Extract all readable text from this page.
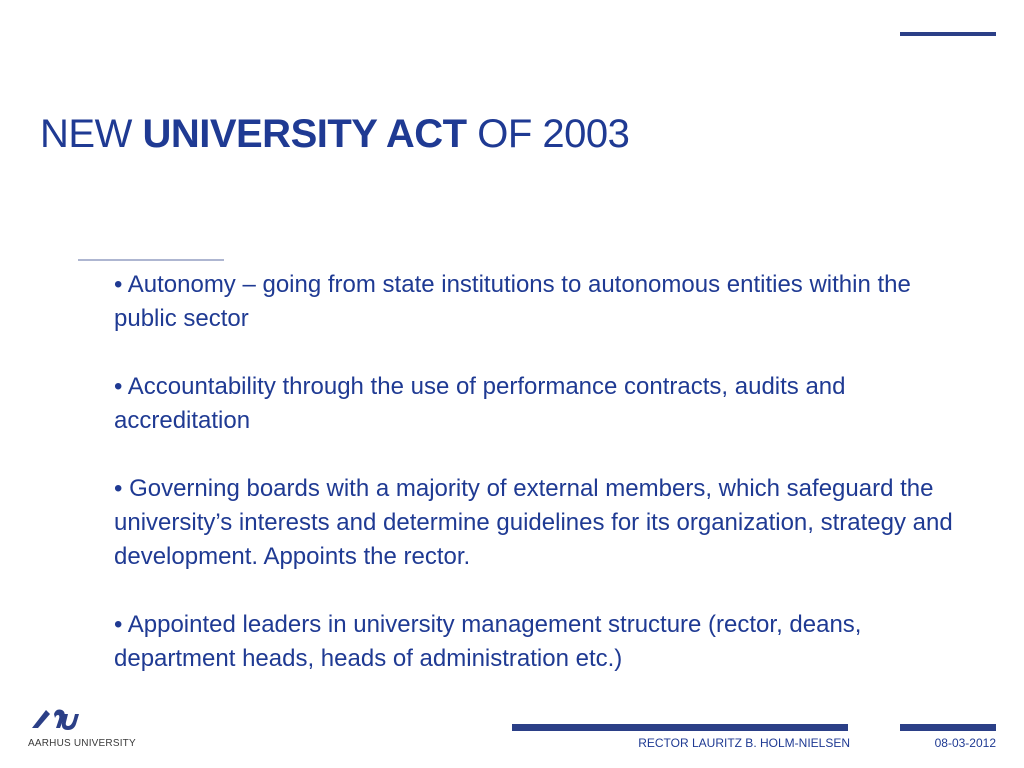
NEW UNIVERSITY ACT OF 2003
• Autonomy – going from state institutions to autonomous entities within the public sector
• Accountability through the use of performance contracts, audits and accreditation
• Governing boards with a majority of external members, which safeguard the university’s interests and determine guidelines for its organization, strategy and development. Appoints the rector.
• Appointed leaders in university management structure (rector, deans, department heads, heads of administration etc.)
AARHUS UNIVERSITY	RECTOR LAURITZ B. HOLM-NIELSEN	08-03-2012
